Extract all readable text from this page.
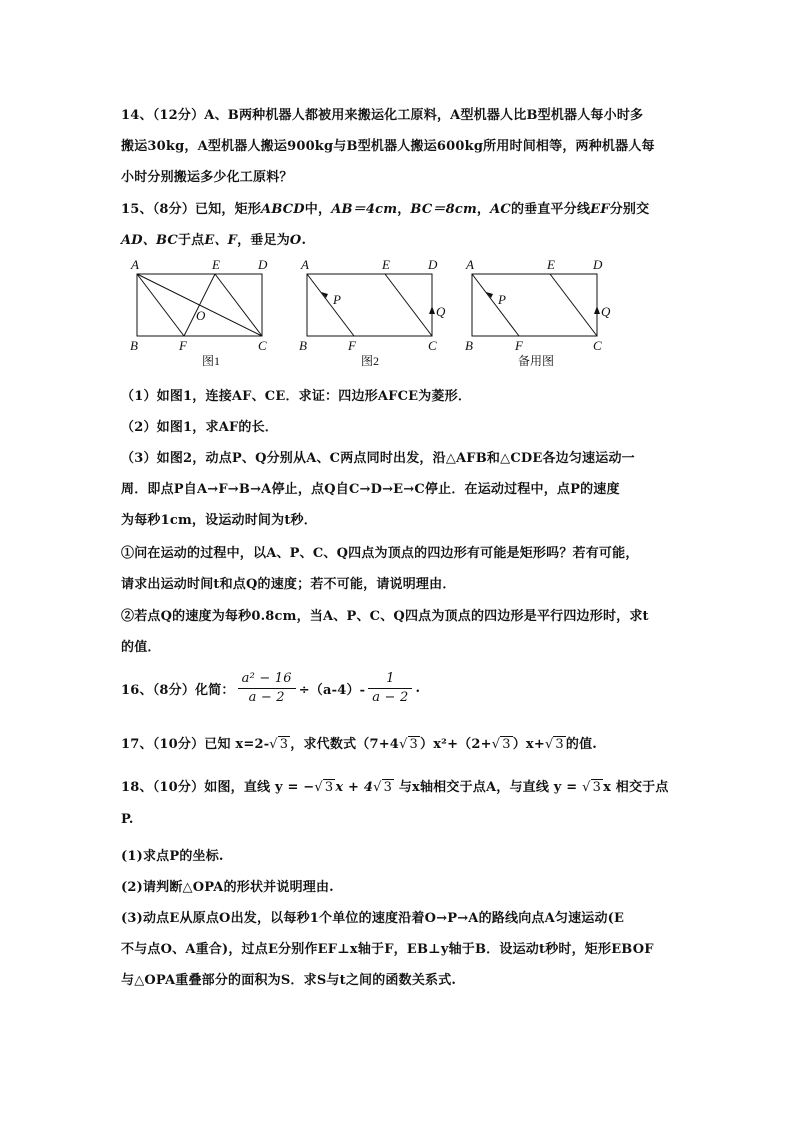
14、（12分）A、B两种机器人都被用来搬运化工原料，A型机器人比B型机器人每小时多
搬运30kg，A型机器人搬运900kg与B型机器人搬运600kg所用时间相等，两种机器人每
小时分别搬运多少化工原料？
15、（8分）已知，矩形ABCD中，AB＝4cm，BC＝8cm，AC的垂直平分线EF分别交
AD、BC于点E、F，垂足为O.
A	E	D
B	F	C
O
图1
A	E	D
B	F	C
P
Q
图2
A	E	D
B	F	C
P
Q
备用图
（1）如图1，连接AF、CE．求证：四边形AFCE为菱形．
（2）如图1，求AF的长．
（3）如图2，动点P、Q分别从A、C两点同时出发，沿△AFB和△CDE各边匀速运动一
周．即点P自A→F→B→A停止，点Q自C→D→E→C停止．在运动过程中，点P的速度
为每秒1cm，设运动时间为t秒．
①问在运动的过程中，以A、P、C、Q四点为顶点的四边形有可能是矩形吗？若有可能，
请求出运动时间t和点Q的速度；若不可能，请说明理由．
②若点Q的速度为每秒0.8cm，当A、P、C、Q四点为顶点的四边形是平行四边形时，求t
的值．
16、（8分）化简： $\frac{\text{a² − 16}}{a - 2} \div(a-4)- \frac{1}{a - 2}$ .
17、（10分）已知 x=2-√ 3 ，求代数式（7+4√ 3 ）x²+（2+√ 3 ）x+√ 3 的值.
18、（10分）如图，直线 y = −√ 3 x + 4√ 3 与x轴相交于点A，与直线 y = √ 3 x 相交于点
P.
(1)求点P的坐标.
(2)请判断△OPA的形状并说明理由.
(3)动点E从原点O出发，以每秒1个单位的速度沿着O→P→A的路线向点A匀速运动(E
不与点O、A重合)，过点E分别作EF⊥x轴于F，EB⊥y轴于B．设运动t秒时，矩形EBOF
与△OPA重叠部分的面积为S．求S与t之间的函数关系式.
